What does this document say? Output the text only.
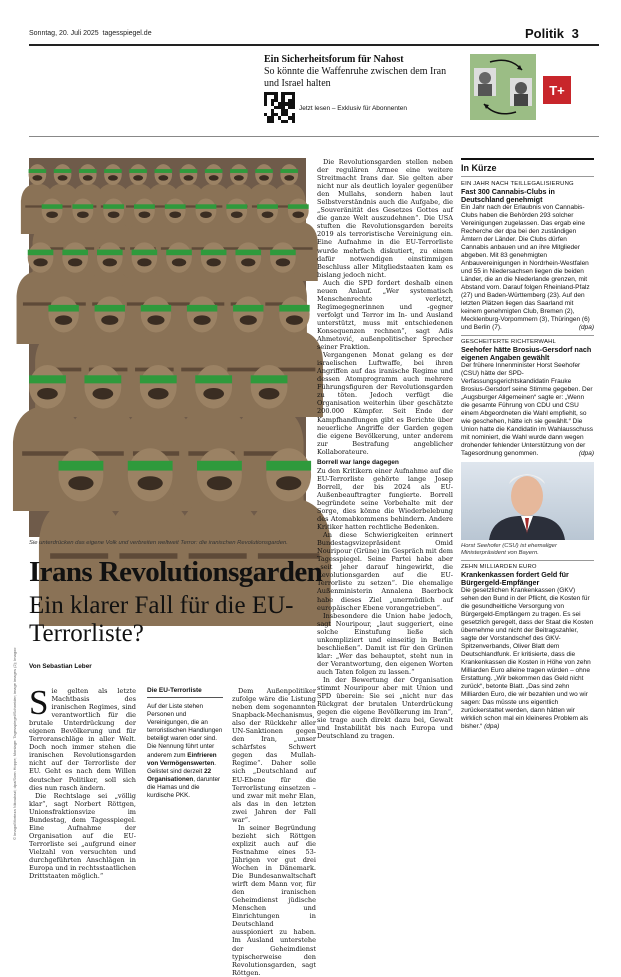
Sonntag, 20. Juli 2025  tagesspiegel.de	Politik 3
Ein Sicherheitsforum für Nahost
So könnte die Waffenruhe zwischen dem Iran und Israel halten
Jetzt lesen – Exklusiv für Abonnenten
T+
Sie unterdrücken das eigene Volk und verbreiten weltweit Terror: die iranischen Revolutionsgarden.
© Imago/Morteza Nikoubazl; dpa/Sven Hoppe; Montage: Tagesspiegel/Schneider; image images (2); Imagoo
Irans Revolutionsgarden
Ein klarer Fall für die EU-Terrorliste?
Von Sebastian Leber

Sie gelten als letzte Machtbasis des iranischen Regimes, sind verantwortlich für die brutale Unterdrückung der eigenen Bevölkerung und für Terroranschläge in aller Welt. Doch noch immer stehen die iranischen Revolutionsgarden nicht auf der Terrorliste der EU. Geht es nach dem Willen deutscher Politiker, soll sich dies nun rasch ändern.

Die Rechtslage sei „völlig klar“, sagt Norbert Röttgen, Unionsfraktionsvize im Bundestag, dem Tagesspiegel. Eine Aufnahme der Organisation auf die EU-Terrorliste sei „aufgrund einer Vielzahl von versuchten und durchgeführten Anschlägen in Europa und in rechtsstaatlichen Drittstaaten möglich.“

Die EU-Terrorliste
Auf der Liste stehen Personen und Vereinigungen, die an terroristischen Handlungen beteiligt waren oder sind. Die Nennung führt unter anderem zum Einfrieren von Vermögenswerten. Gelistet sind derzeit 22 Organisationen, darunter die Hamas und die kurdische PKK.

Dem Außenpolitiker zufolge wäre die Listung neben dem sogenannten Snapback-Mechanismus, also der Rückkehr aller UN-Sanktionen gegen den Iran, „unser schärfstes Schwert gegen das Mullah-Regime“. Daher solle sich „Deutschland auf EU-Ebene für die Terrorlistung einsetzen – und zwar mit mehr Elan, als das in den letzten zwei Jahren der Fall war“.

In seiner Begründung bezieht sich Röttgen explizit auch auf die Festnahme eines 53-Jährigen vor gut drei Wochen in Dänemark. Die Bundesanwaltschaft wirft dem Mann vor, für den iranischen Geheimdienst jüdische Menschen und Einrichtungen in Deutschland ausspioniert zu haben. Im Ausland unterstehe der Geheimdienst typischerweise den Revolutionsgarden, sagt Röttgen.

Die Revolutionsgarden stellen neben der regulären Armee eine weitere Streitmacht Irans dar. Sie gelten aber nicht nur als deutlich loyaler gegenüber den Mullahs, sondern haben laut Selbstverständnis auch die Aufgabe, die „Souveränität des Gesetzes Gottes auf die ganze Welt auszudehnen“. Die USA stuften die Revolutionsgarden bereits 2019 als terroristische Vereinigung ein. Eine Aufnahme in die EU-Terrorliste wurde mehrfach diskutiert, zu einem dafür notwendigen einstimmigen Beschluss aller Mitgliedstaaten kam es bislang jedoch nicht.

Auch die SPD fordert deshalb einen neuen Anlauf. „Wer systematisch Menschenrechte verletzt, Regimegegnerinnen und -gegner verfolgt und Terror im In- und Ausland unterstützt, muss mit entschiedenen Konsequenzen rechnen“, sagt Adis Ahmetović, außenpolitischer Sprecher seiner Fraktion.

Vergangenen Monat gelang es der israelischen Luftwaffe, bei ihren Angriffen auf das iranische Regime und dessen Atomprogramm auch mehrere Führungsfiguren der Revolutionsgarden zu töten. Jedoch verfügt die Organisation weiterhin über geschätzte 200.000 Kämpfer. Seit Ende der Kampfhandlungen gibt es Berichte über neuerliche Angriffe der Garden gegen die eigene Bevölkerung, unter anderem zur Bestrafung angeblicher Kollaborateure.

Borrell war lange dagegen

Zu den Kritikern einer Aufnahme auf die EU-Terrorliste gehörte lange Josep Borrell, der bis 2024 als EU-Außenbeauftragter fungierte. Borrell begründete seine Vorbehalte mit der Sorge, dies könne die Wiederbelebung des Atomabkommens behindern. Andere Kritiker hatten rechtliche Bedenken.

An diese Schwierigkeiten erinnert Bundestagsvizepräsident Omid Nouripour (Grüne) im Gespräch mit dem Tagesspiegel. Seine Partei habe aber „seit jeher darauf hingewirkt, die Revolutionsgarden auf die EU-Terrorliste zu setzen“. Die ehemalige Außenministerin Annalena Baerbock habe dieses Ziel „unermüdlich auf europäischer Ebene vorangetrieben“.

Insbesondere die Union habe jedoch, sagt Nouripour, „laut suggeriert, eine solche Einstufung ließe sich unkompliziert und einseitig in Berlin beschließen“. Damit ist für den Grünen klar: „Wer das behauptet, steht nun in der Verantwortung, den eigenen Worten auch Taten folgen zu lassen.“

In der Bewertung der Organisation stimmt Nouripour aber mit Union und SPD überein: Sie sei „nicht nur das Rückgrat der brutalen Unterdrückung gegen die eigene Bevölkerung im Iran“, sie trage auch direkt dazu bei, Gewalt und Instabilität bis nach Europa und Deutschland zu tragen.

In Kürze
EIN JAHR NACH TEILLEGALISIERUNG
Fast 300 Cannabis-Clubs in Deutschland genehmigt
Ein Jahr nach der Erlaubnis von Cannabis-Clubs haben die Behörden 293 solcher Vereinigungen zugelassen. Das ergab eine Recherche der dpa bei den zuständigen Ämtern der Länder. Die Clubs dürfen Cannabis anbauen und an ihre Mitglieder abgeben. Mit 83 genehmigten Anbauvereinigungen in Nordrhein-Westfalen und 55 in Niedersachsen liegen die beiden Länder, die an die Niederlande grenzen, mit Abstand vorn. Darauf folgen Rheinland-Pfalz (27) und Baden-Württemberg (23). Auf den letzten Plätzen liegen das Saarland mit keinem genehmigten Club, Bremen (2), Mecklenburg-Vorpommern (3), Thüringen (6) und Berlin (7).	(dpa)
GESCHEITERTE RICHTERWAHL
Seehofer hätte Brosius-Gersdorf nach eigenen Angaben gewählt
Der frühere Innenminister Horst Seehofer (CSU) hätte der SPD-Verfassungsgerichtskandidatin Frauke Brosius-Gersdorf seine Stimme gegeben. Der „Augsburger Allgemeinen“ sagte er: „Wenn die gesamte Führung von CDU und CSU einem Abgeordneten die Wahl empfiehlt, so wie geschehen, hätte ich sie gewählt.“ Die Union hatte die Kandidatin im Wahlausschuss mit nominiert, die Wahl wurde dann wegen drohender fehlender Unterstützung von der Tagesordnung genommen.	(dpa)
Horst Seehofer (CSU) ist ehemaliger Ministerpräsident von Bayern.
ZEHN MILLIARDEN EURO
Krankenkassen fordert Geld für Bürgergeld-Empfänger
Die gesetzlichen Krankenkassen (GKV) sehen den Bund in der Pflicht, die Kosten für die gesundheitliche Versorgung von Bürgergeld-Empfängern zu tragen. Es sei gesetzlich geregelt, dass der Staat die Kosten übernehme und nicht der Beitragszahler, sagte der Vorstandschef des GKV-Spitzenverbands, Oliver Blatt dem Deutschlandfunk. Er kritisierte, dass die Krankenkassen die Kosten in Höhe von zehn Milliarden Euro alleine tragen würden – ohne Erstattung. „Wir bekommen das Geld nicht zurück“, betonte Blatt. „Das sind zehn Milliarden Euro, die wir bezahlen und wo wir sagen: Das müsste uns eigentlich zurückerstattet werden, dann hätten wir wirklich schon mal ein kleineres Problem als bisher.“ (dpa)
